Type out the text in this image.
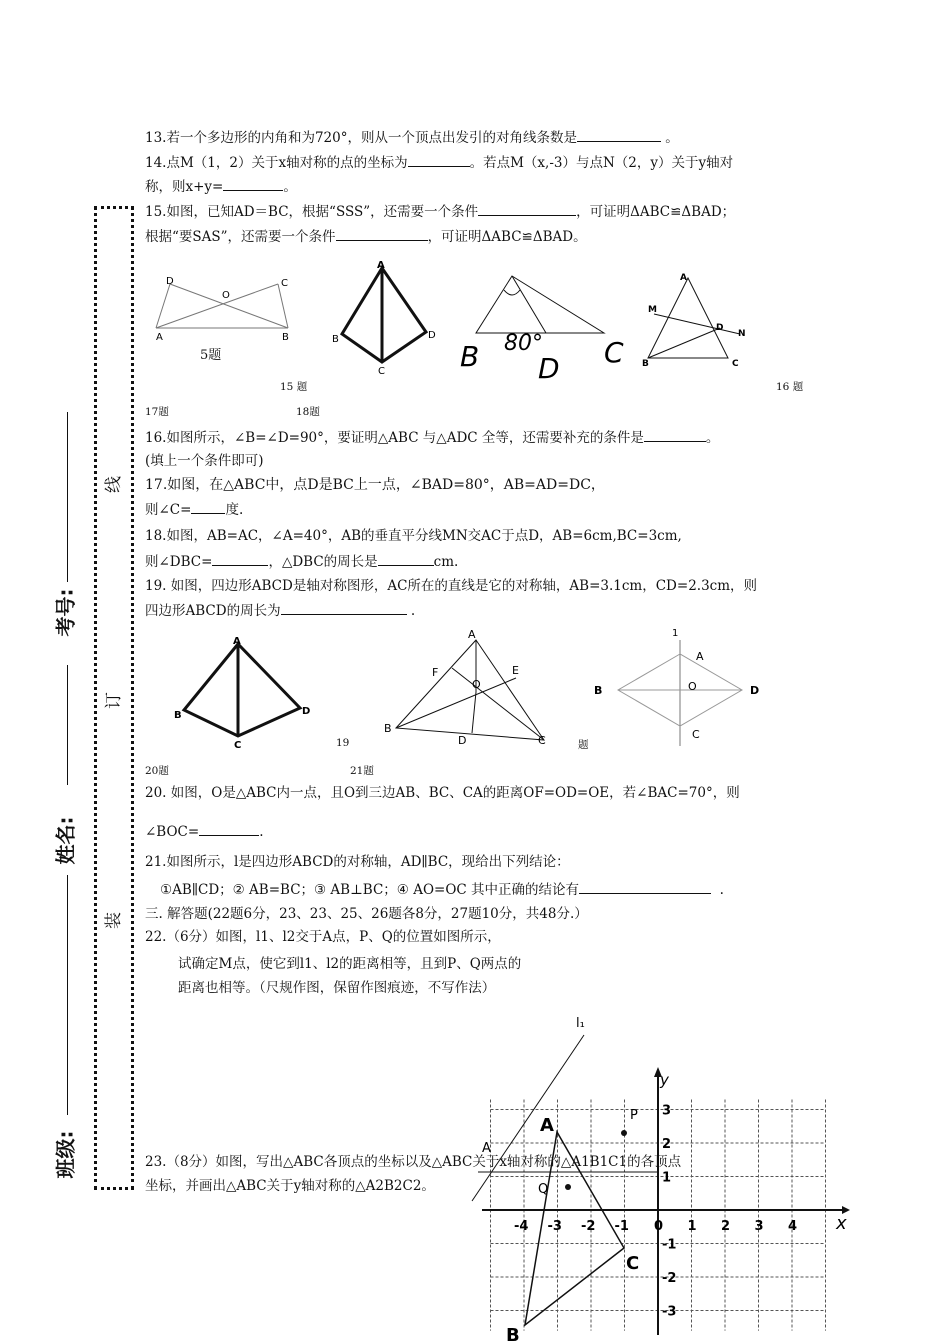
线
订
装
考号:
姓名:
班级:
13.若一个多边形的内角和为720°，则从一个顶点出发引的对角线条数是	。
14.点M（1，2）关于x轴对称的点的坐标为	。若点M（x,-3）与点N（2，y）关于y轴对
称，则x+y=	。
15.如图，已知AD＝BC，根据“SSS”，还需要一个条件	，可证明ΔABC≌ΔBAD；
根据“要SAS”，还需要一个条件	，可证明ΔABC≌ΔBAD。
D	C
O
A	B
5题
A
B
C
D
15 题
80°
B D C
A
M
D
N
B	C
16 题
17题	18题
16.如图所示，∠B=∠D=90°，要证明△ABC 与△ADC 全等，还需要补充的条件是	。
(填上一个条件即可)
17.如图，在△ABC中，点D是BC上一点，∠BAD=80°，AB=AD=DC，
则∠C=	度.
18.如图，AB=AC，∠A=40°，AB的垂直平分线MN交AC于点D，AB=6cm,BC=3cm,
则∠DBC=	，△DBC的周长是	cm.
19. 如图，四边形ABCD是轴对称图形，AC所在的直线是它的对称轴，AB=3.1cm，CD=2.3cm，则
四边形ABCD的周长为	.
A
B
C
D
19
A
F	E
O
B
D	C
1
A
B	O	D
C
题
20题	21题
20. 如图，O是△ABC内一点，且O到三边AB、BC、CA的距离OF=OD=OE，若∠BAC=70°，则
∠BOC=	.
21.如图所示，l是四边形ABCD的对称轴，AD∥BC，现给出下列结论：
①AB∥CD；② AB=BC；③ AB⊥BC；④ AO=OC 其中正确的结论有	.
三. 解答题(22题6分，23、23、25、26题各8分，27题10分，共48分.）
22.（6分）如图，l1、l2交于A点，P、Q的位置如图所示，
试确定M点，使它到l1、l2的距离相等，且到P、Q两点的
距离也相等。（尺规作图，保留作图痕迹，不写作法）
x
y
-4 -3 -2 -1 0 1 2 3 4
3
2
1
-1
-2
-3
l₁
A
B
C
P
Q
A
23.（8分）如图，写出△ABC各顶点的坐标以及△ABC关于x轴对称的△A1B1C1的各顶点
坐标，并画出△ABC关于y轴对称的△A2B2C2。
